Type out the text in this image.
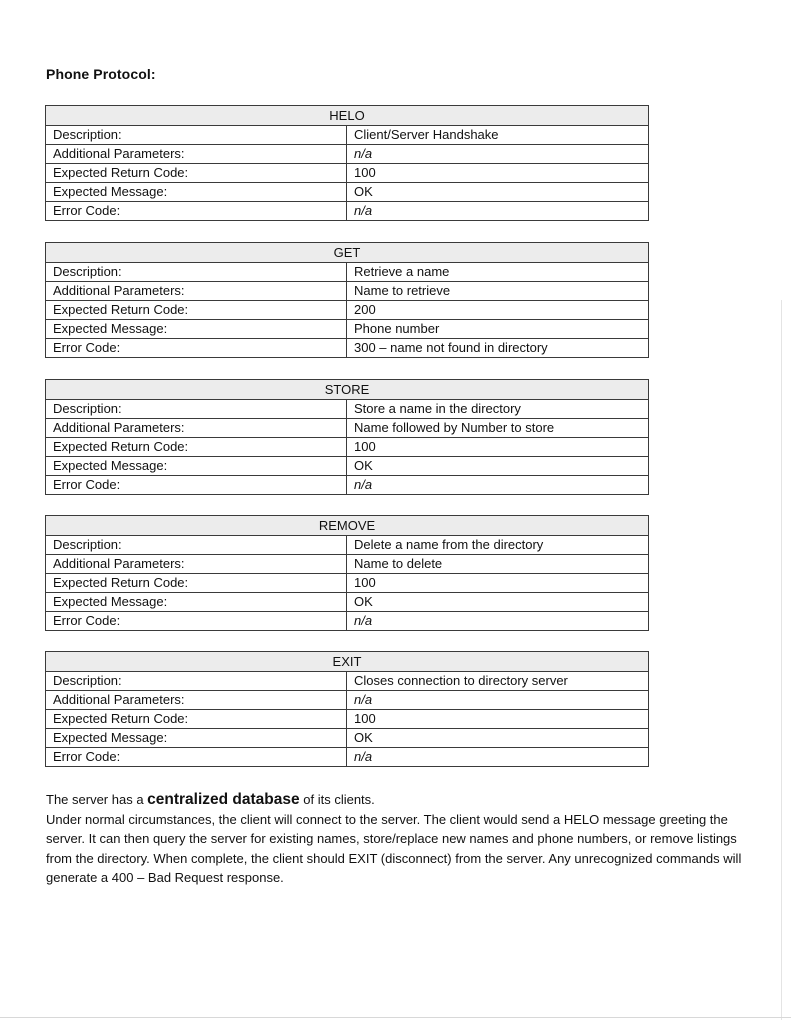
Phone Protocol:
HELO	
Description:	Client/Server Handshake
Additional Parameters:	n/a
Expected Return Code:	100
Expected Message:	OK
Error Code:	n/a
GET	
Description:	Retrieve a name
Additional Parameters:	Name to retrieve
Expected Return Code:	200
Expected Message:	Phone number
Error Code:	300 – name not found in directory
STORE	
Description:	Store a name in the directory
Additional Parameters:	Name followed by Number to store
Expected Return Code:	100
Expected Message:	OK
Error Code:	n/a
REMOVE	
Description:	Delete a name from the directory
Additional Parameters:	Name to delete
Expected Return Code:	100
Expected Message:	OK
Error Code:	n/a
EXIT	
Description:	Closes connection to directory server
Additional Parameters:	n/a
Expected Return Code:	100
Expected Message:	OK
Error Code:	n/a

The server has a centralized database of its clients.

Under normal circumstances, the client will connect to the server. The client would send a HELO message greeting the server. It can then query the server for existing names, store/replace new names and phone numbers, or remove listings from the directory. When complete, the client should EXIT (disconnect) from the server. Any unrecognized commands will generate a 400 – Bad Request response.
